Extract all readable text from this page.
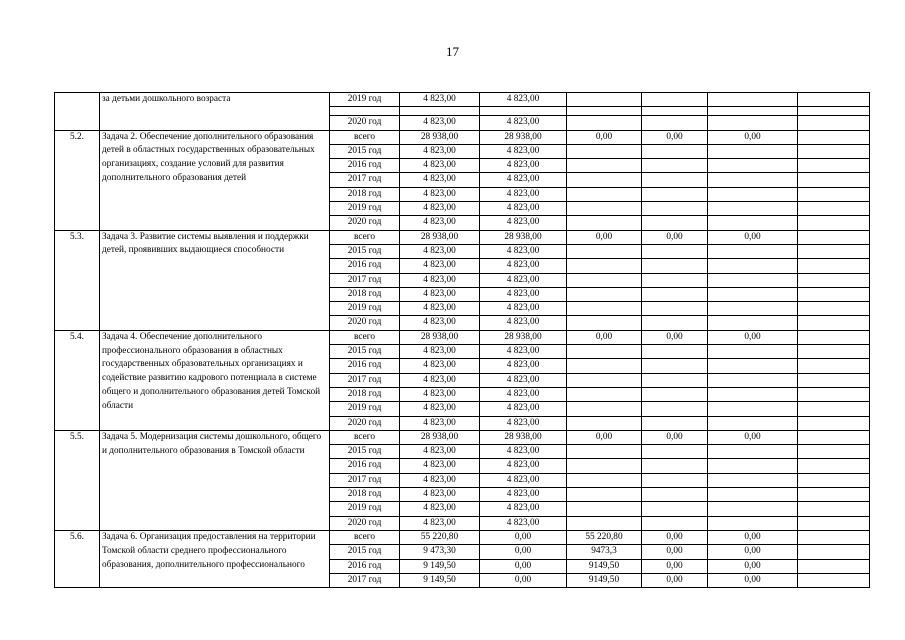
17
	за детьми дошкольного возраста	2019 год	4 823,00	4 823,00				

		2020 год	4 823,00	4 823,00				
5.2.	Задача 2. Обеспечение дополнительного образования детей в областных государственных образовательных организациях, создание условий для развития дополнительного образования детей	всего	28 938,00	28 938,00	0,00	0,00	0,00	
		2015 год	4 823,00	4 823,00				
		2016 год	4 823,00	4 823,00				
		2017 год	4 823,00	4 823,00				
		2018 год	4 823,00	4 823,00				
		2019 год	4 823,00	4 823,00				
		2020 год	4 823,00	4 823,00				
5.3.	Задача 3. Развитие системы выявления и поддержки детей, проявивших выдающиеся способности	всего	28 938,00	28 938,00	0,00	0,00	0,00	
		2015 год	4 823,00	4 823,00				
		2016 год	4 823,00	4 823,00				
		2017 год	4 823,00	4 823,00				
		2018 год	4 823,00	4 823,00				
		2019 год	4 823,00	4 823,00				
		2020 год	4 823,00	4 823,00				
5.4.	Задача 4. Обеспечение дополнительного профессионального образования в областных государственных образовательных организациях и содействие развитию кадрового потенциала в системе общего и дополнительного образования детей Томской области	всего	28 938,00	28 938,00	0,00	0,00	0,00	
		2015 год	4 823,00	4 823,00				
		2016 год	4 823,00	4 823,00				
		2017 год	4 823,00	4 823,00				
		2018 год	4 823,00	4 823,00				
		2019 год	4 823,00	4 823,00				
		2020 год	4 823,00	4 823,00				
5.5.	Задача 5. Модернизация системы дошкольного, общего и дополнительного образования в Томской области	всего	28 938,00	28 938,00	0,00	0,00	0,00	
		2015 год	4 823,00	4 823,00				
		2016 год	4 823,00	4 823,00				
		2017 год	4 823,00	4 823,00				
		2018 год	4 823,00	4 823,00				
		2019 год	4 823,00	4 823,00				
		2020 год	4 823,00	4 823,00				
5.6.	Задача 6. Организация предоставления на территории Томской области среднего профессионального образования, дополнительного профессионального	всего	55 220,80	0,00	55 220,80	0,00	0,00	
		2015 год	9 473,30	0,00	9473,3	0,00	0,00	
		2016 год	9 149,50	0,00	9149,50	0,00	0,00	
		2017 год	9 149,50	0,00	9149,50	0,00	0,00	
